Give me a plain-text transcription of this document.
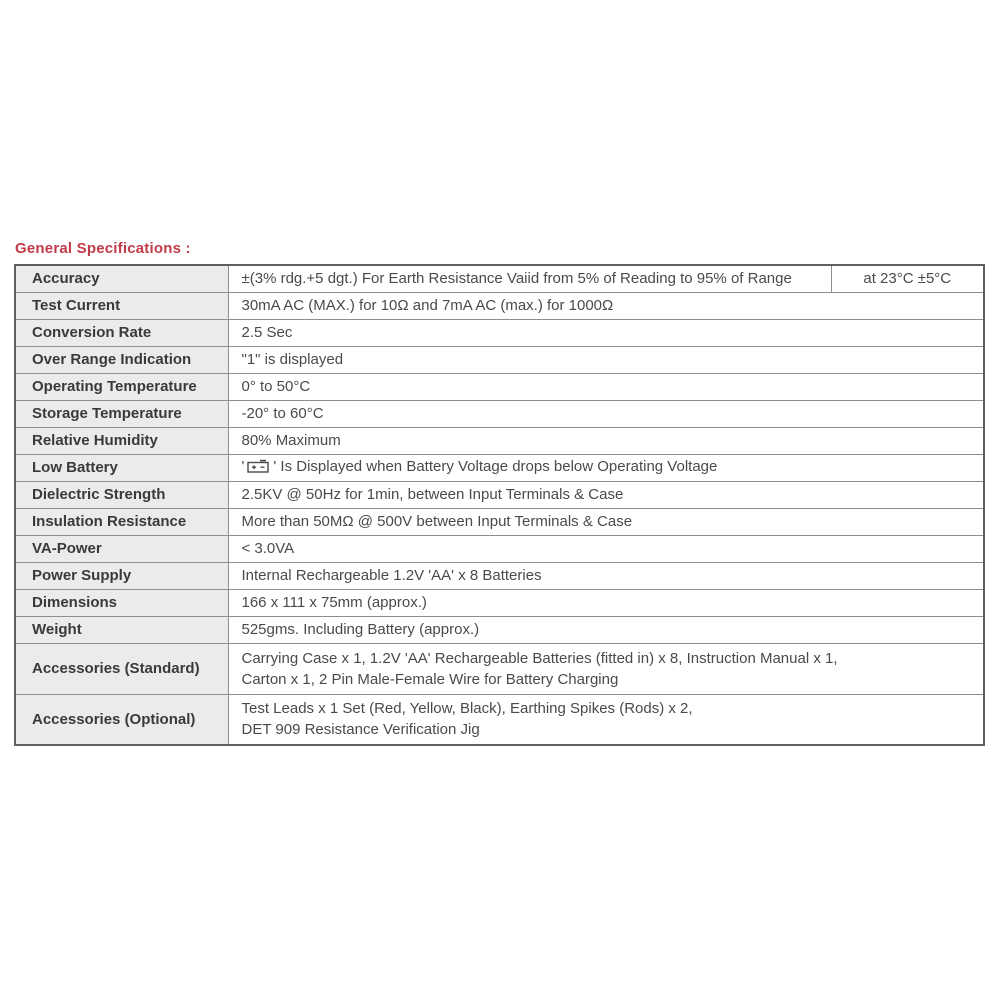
General Specifications :
Accuracy	±(3% rdg.+5 dgt.) For Earth Resistance Vaiid from 5% of Reading to 95% of Range	at 23°C ±5°C
Test Current	30mA AC (MAX.) for 10Ω and 7mA AC (max.) for 1000Ω	
Conversion Rate	2.5 Sec	
Over Range Indication	"1" is displayed	
Operating Temperature	0° to 50°C	
Storage Temperature	-20° to 60°C	
Relative Humidity	80% Maximum	
Low Battery	' ' Is Displayed when Battery Voltage drops below Operating Voltage	
Dielectric Strength	2.5KV @ 50Hz for 1min, between Input Terminals & Case	
Insulation Resistance	More than 50MΩ @ 500V between Input Terminals & Case	
VA-Power	< 3.0VA	
Power Supply	Internal Rechargeable 1.2V 'AA' x 8 Batteries	
Dimensions	166 x 111 x 75mm (approx.)	
Weight	525gms. Including Battery (approx.)	
Accessories (Standard)	Carrying Case x 1, 1.2V 'AA' Rechargeable Batteries (fitted in) x 8, Instruction Manual x 1,
Carton x 1, 2 Pin Male-Female Wire for Battery Charging	

Accessories (Optional)	Test Leads x 1 Set (Red, Yellow, Black), Earthing Spikes (Rods) x 2,
DET 909 Resistance Verification Jig	
